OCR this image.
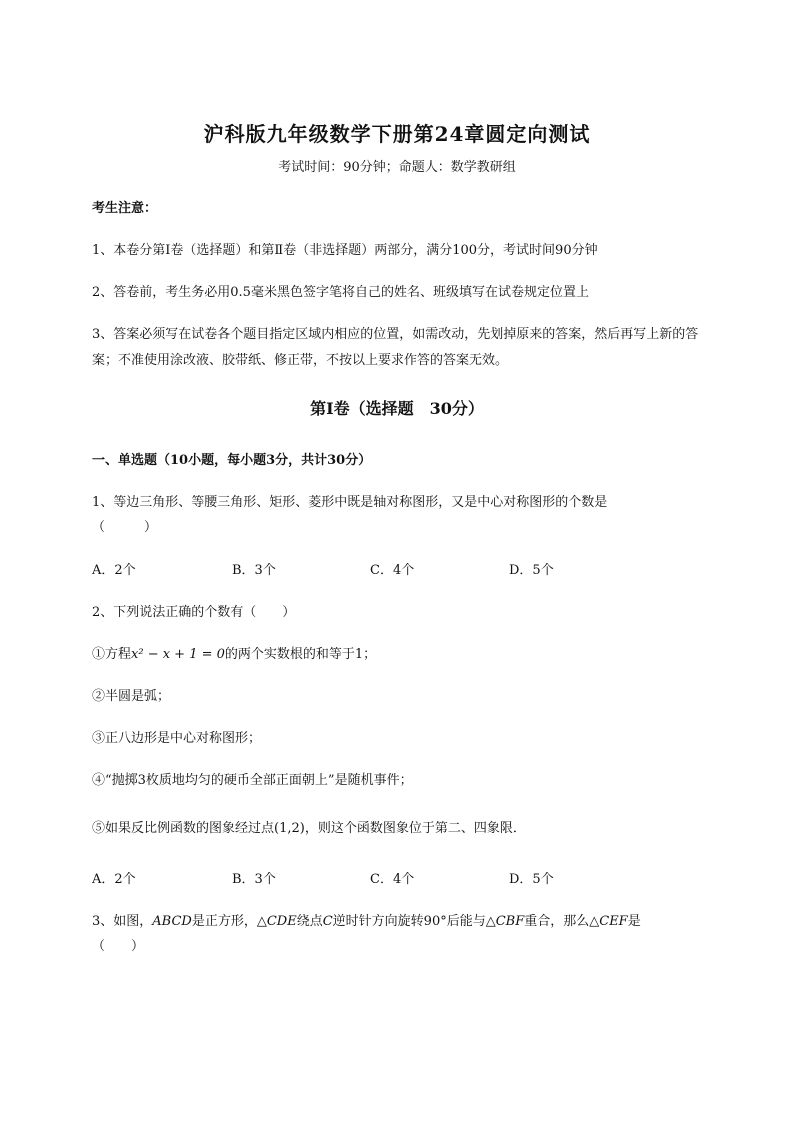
沪科版九年级数学下册第24章圆定向测试
考试时间：90分钟；命题人：数学教研组
考生注意：
1、本卷分第I卷（选择题）和第Ⅱ卷（非选择题）两部分，满分100分，考试时间90分钟
2、答卷前，考生务必用0.5毫米黑色签字笔将自己的姓名、班级填写在试卷规定位置上
3、答案必须写在试卷各个题目指定区域内相应的位置，如需改动，先划掉原来的答案，然后再写上新的答案；不准使用涂改液、胶带纸、修正带，不按以上要求作答的答案无效。
第I卷（选择题　30分）
一、单选题（10小题，每小题3分，共计30分）
1、等边三角形、等腰三角形、矩形、菱形中既是轴对称图形，又是中心对称图形的个数是
（　　　）
A．2个	B．3个	C．4个	D．5个
2、下列说法正确的个数有（　　）
①方程x² − x + 1 = 0的两个实数根的和等于1；
②半圆是弧；
③正八边形是中心对称图形；
④“抛掷3枚质地均匀的硬币全部正面朝上”是随机事件；
⑤如果反比例函数的图象经过点(1,2)，则这个函数图象位于第二、四象限．
A．2个	B．3个	C．4个	D．5个
3、如图，ABCD是正方形，△CDE绕点C逆时针方向旋转90°后能与△CBF重合，那么△CEF是
（　　）
